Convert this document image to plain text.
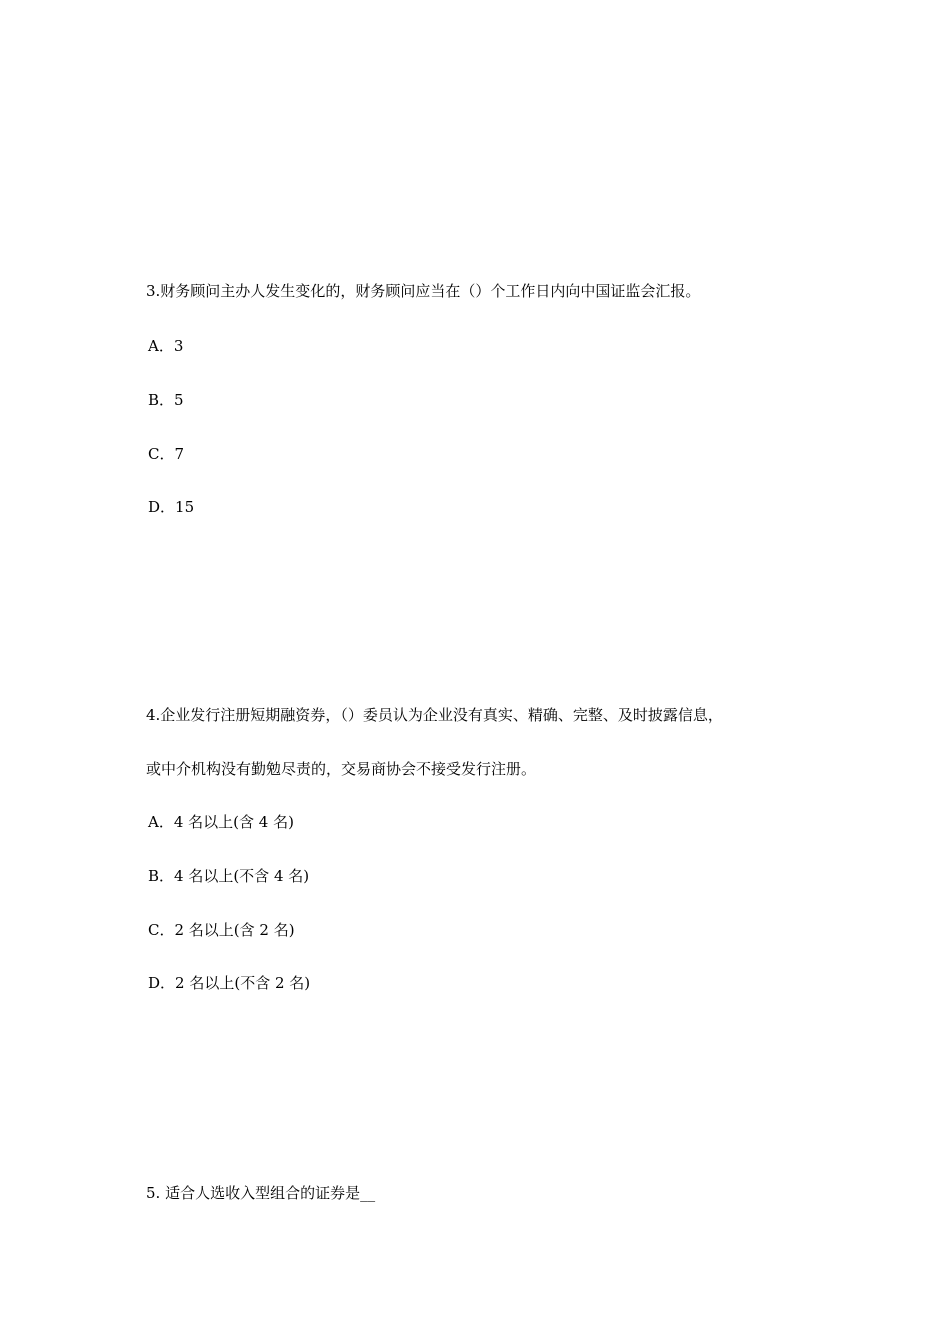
3.财务顾问主办人发生变化的，财务顾问应当在（）个工作日内向中国证监会汇报。
A．3
B．5
C．7
D．15
4.企业发行注册短期融资券，（）委员认为企业没有真实、精确、完整、及时披露信息，
或中介机构没有勤勉尽责的，交易商协会不接受发行注册。
A．4 名以上(含 4 名)
B．4 名以上(不含 4 名)
C．2 名以上(含 2 名)
D．2 名以上(不含 2 名)
5. 适合人选收入型组合的证券是__
